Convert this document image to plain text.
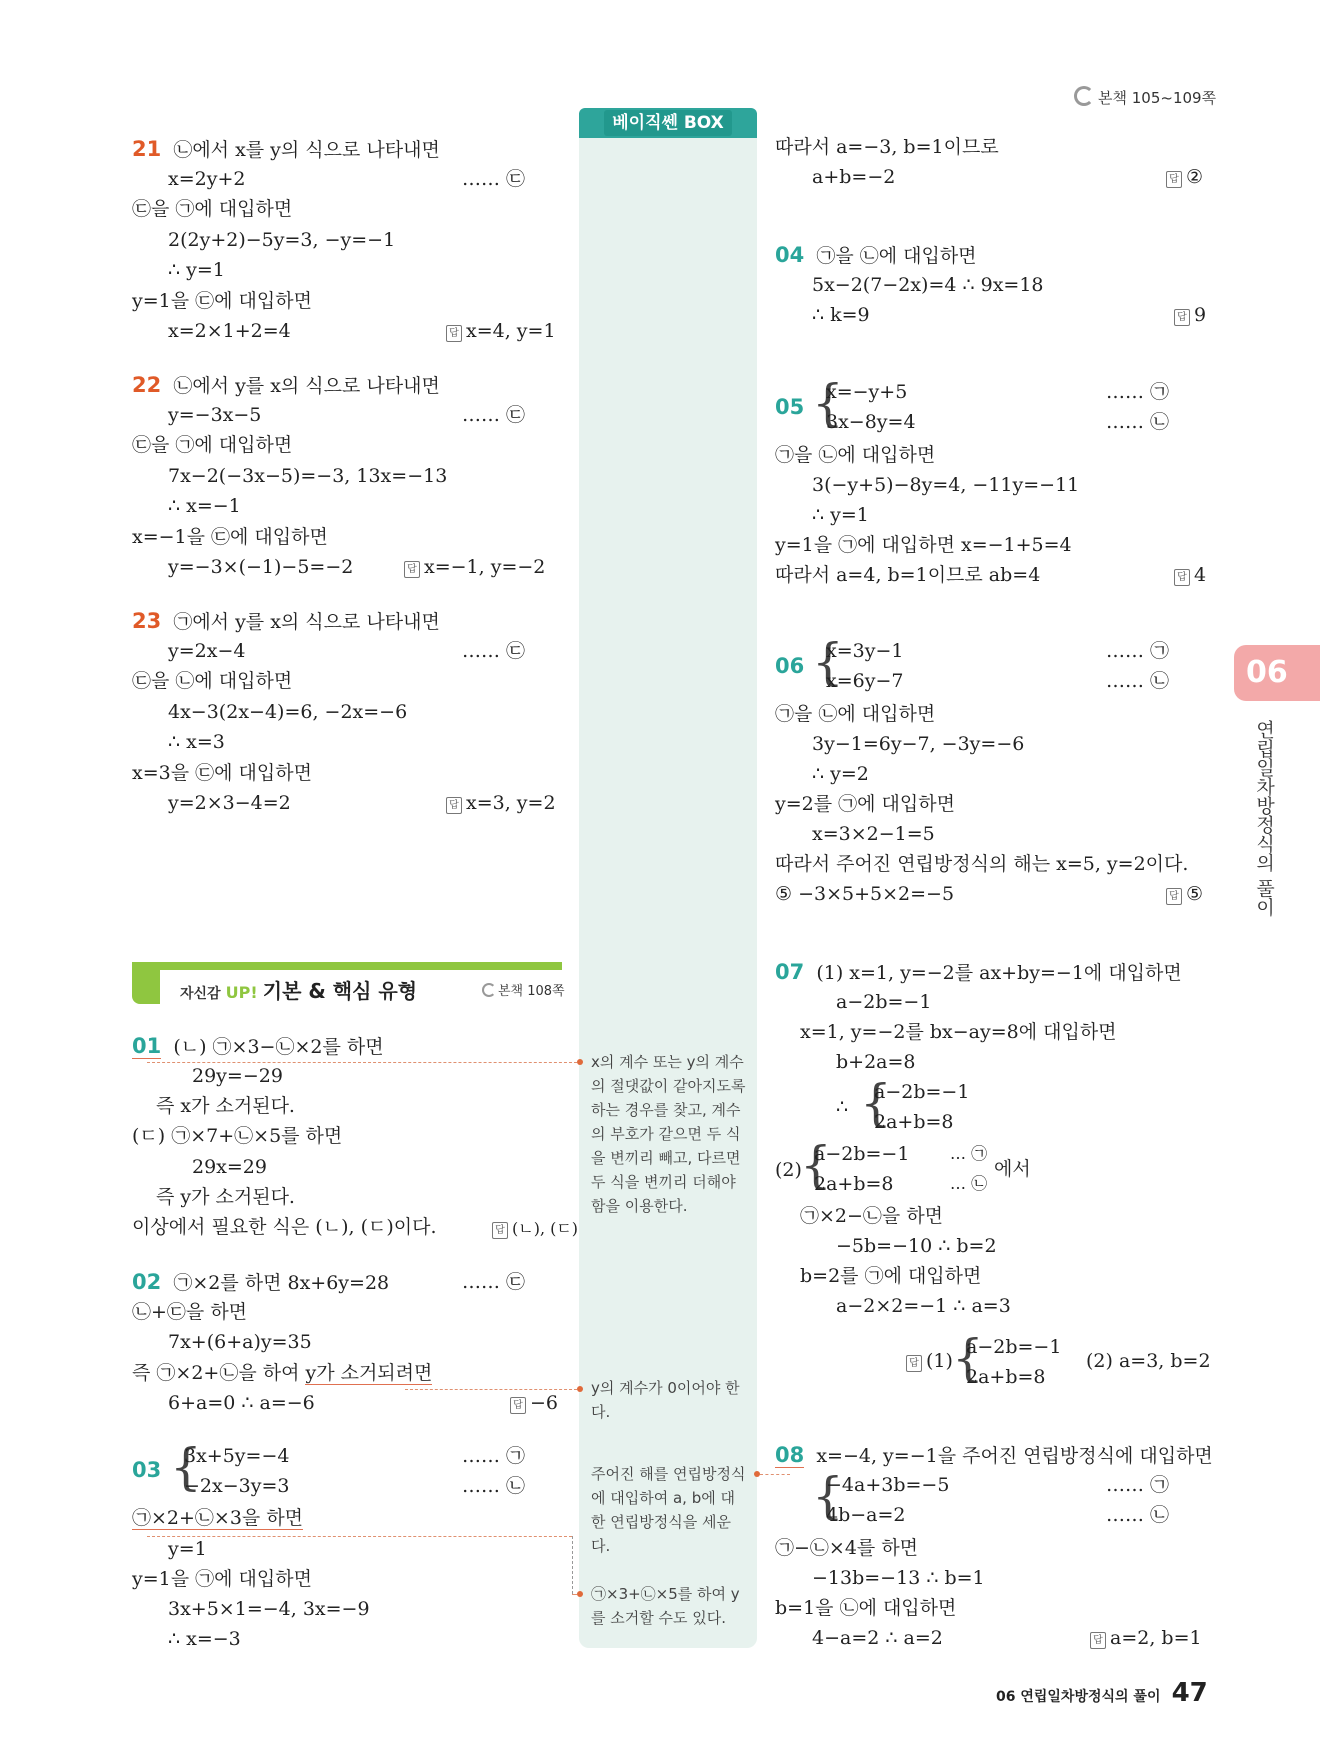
본책 105~109쪽
베이직쎈 BOX
x의 계수 또는 y의 계수의 절댓값이 같아지도록 하는 경우를 찾고, 계수의 부호가 같으면 두 식을 변끼리 빼고, 다르면 두 식을 변끼리 더해야 함을 이용한다.
y의 계수가 0이어야 한다.
주어진 해를 연립방정식에 대입하여 a, b에 대한 연립방정식을 세운다.
㉠×3+㉡×5를 하여 y를 소거할 수도 있다.
21 ㉡에서 x를 y의 식으로 나타내면
x=2y+2	…… ㉢
㉢을 ㉠에 대입하면
2(2y+2)−5y=3, −y=−1
∴ y=1
y=1을 ㉢에 대입하면
x=2×1+2=4	답 x=4, y=1
22 ㉡에서 y를 x의 식으로 나타내면
y=−3x−5	…… ㉢
㉢을 ㉠에 대입하면
7x−2(−3x−5)=−3, 13x=−13
∴ x=−1
x=−1을 ㉢에 대입하면
y=−3×(−1)−5=−2	답 x=−1, y=−2
23 ㉠에서 y를 x의 식으로 나타내면
y=2x−4	…… ㉢
㉢을 ㉡에 대입하면
4x−3(2x−4)=6, −2x=−6
∴ x=3
x=3을 ㉢에 대입하면
y=2×3−4=2	답 x=3, y=2
자신감 UP! 기본 & 핵심 유형	본책 108쪽
01 (ㄴ) ㉠×3−㉡×2를 하면
29y=−29
즉 x가 소거된다.
(ㄷ) ㉠×7+㉡×5를 하면
29x=29
즉 y가 소거된다.
이상에서 필요한 식은 (ㄴ), (ㄷ)이다.	답 (ㄴ), (ㄷ)
02 ㉠×2를 하면 8x+6y=28	…… ㉢
㉡+㉢을 하면
7x+(6+a)y=35
즉 ㉠×2+㉡을 하여 y가 소거되려면
6+a=0 ∴ a=−6	답 −6
03 {
3x+5y=−4	…… ㉠
−2x−3y=3	…… ㉡
㉠×2+㉡×3을 하면
y=1
y=1을 ㉠에 대입하면
3x+5×1=−4, 3x=−9
∴ x=−3
따라서 a=−3, b=1이므로
a+b=−2	답 ②
04 ㉠을 ㉡에 대입하면
5x−2(7−2x)=4 ∴ 9x=18
∴ k=9	답 9
05 {
x=−y+5	…… ㉠
3x−8y=4	…… ㉡
㉠을 ㉡에 대입하면
3(−y+5)−8y=4, −11y=−11
∴ y=1
y=1을 ㉠에 대입하면 x=−1+5=4
따라서 a=4, b=1이므로 ab=4	답 4
06 {
x=3y−1	…… ㉠
x=6y−7	…… ㉡
㉠을 ㉡에 대입하면
3y−1=6y−7, −3y=−6
∴ y=2
y=2를 ㉠에 대입하면
x=3×2−1=5
따라서 주어진 연립방정식의 해는 x=5, y=2이다.
⑤ −3×5+5×2=−5	답 ⑤
07 (1) x=1, y=−2를 ax+by=−1에 대입하면
a−2b=−1
x=1, y=−2를 bx−ay=8에 대입하면
b+2a=8
∴ {
a−2b=−1
2a+b=8
(2)
{
a−2b=−1	… ㉠
2a+b=8	… ㉡
에서
㉠×2−㉡을 하면
−5b=−10 ∴ b=2
b=2를 ㉠에 대입하면
a−2×2=−1 ∴ a=3
답 (1) {
a−2b=−1
2a+b=8
(2) a=3, b=2
08 x=−4, y=−1을 주어진 연립방정식에 대입하면
{
−4a+3b=−5	…… ㉠
4b−a=2	…… ㉡
㉠−㉡×4를 하면
−13b=−13 ∴ b=1
b=1을 ㉡에 대입하면
4−a=2 ∴ a=2	답 a=2, b=1
06
연립일차방정식의 풀이
06 연립일차방정식의 풀이 47
